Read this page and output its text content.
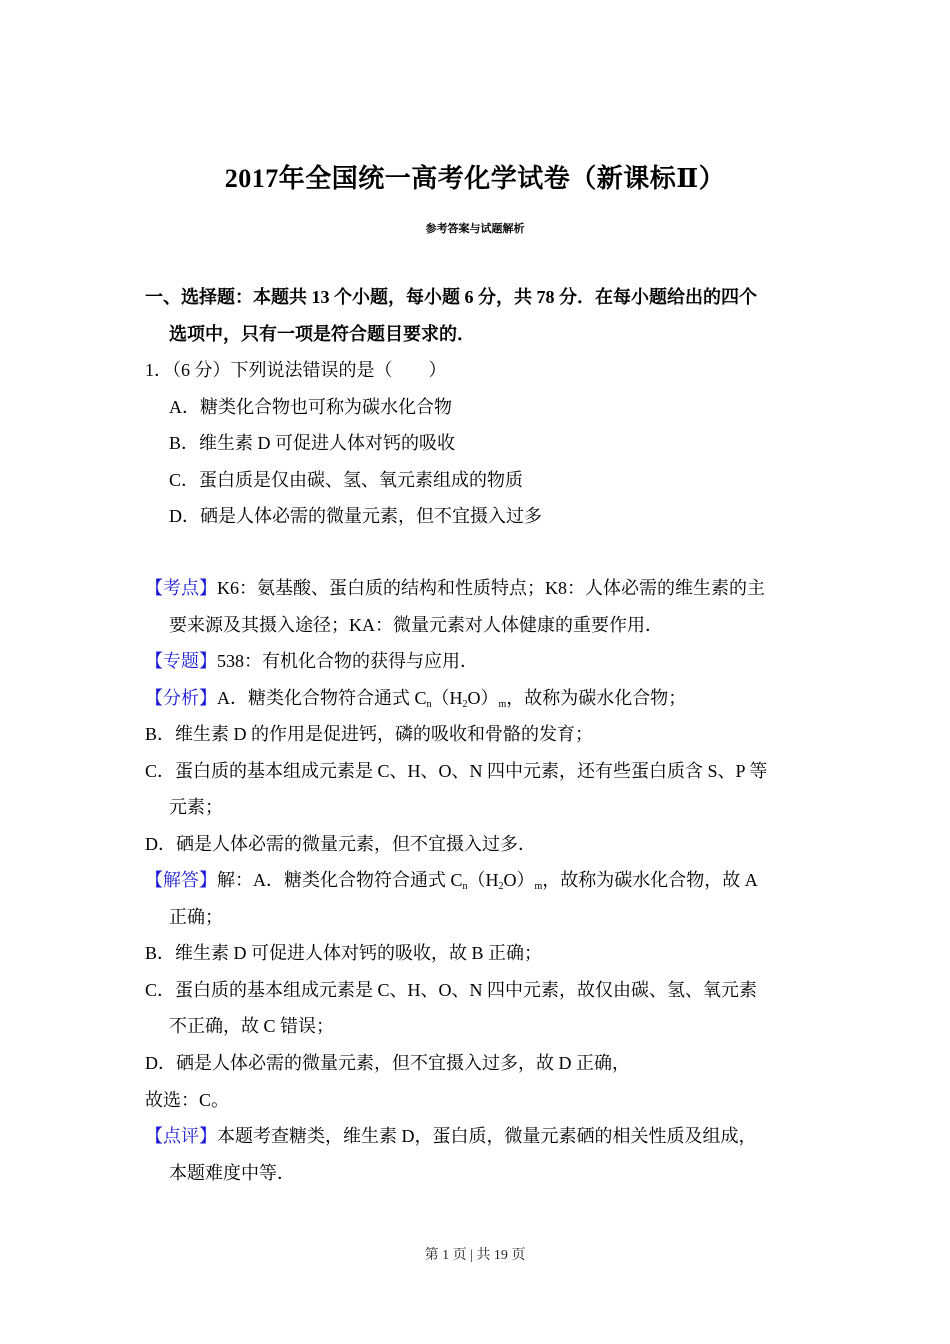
2017年全国统一高考化学试卷（新课标Ⅱ）
参考答案与试题解析
一、选择题：本题共 13 个小题，每小题 6 分，共 78 分．在每小题给出的四个
选项中，只有一项是符合题目要求的．
1．（6 分）下列说法错误的是（　　）
A．糖类化合物也可称为碳水化合物
B．维生素 D 可促进人体对钙的吸收
C．蛋白质是仅由碳、氢、氧元素组成的物质
D．硒是人体必需的微量元素，但不宜摄入过多
【考点】K6：氨基酸、蛋白质的结构和性质特点；K8：人体必需的维生素的主
要来源及其摄入途径；KA：微量元素对人体健康的重要作用．
【专题】538：有机化合物的获得与应用．
【分析】A．糖类化合物符合通式 $C_n(H_2O)_m$，故称为碳水化合物；
B．维生素 D 的作用是促进钙，磷的吸收和骨骼的发育；
C．蛋白质的基本组成元素是 C、H、O、N 四中元素，还有些蛋白质含 S、P 等
元素；
D．硒是人体必需的微量元素，但不宜摄入过多．
【解答】解：A．糖类化合物符合通式 $C_n(H_2O)_m$，故称为碳水化合物，故 A
正确；
B．维生素 D 可促进人体对钙的吸收，故 B 正确；
C．蛋白质的基本组成元素是 C、H、O、N 四中元素，故仅由碳、氢、氧元素
不正确，故 C 错误；
D．硒是人体必需的微量元素，但不宜摄入过多，故 D 正确，
故选：C。
【点评】本题考查糖类，维生素 D，蛋白质，微量元素硒的相关性质及组成，
本题难度中等．
第 1 页 | 共 19 页
